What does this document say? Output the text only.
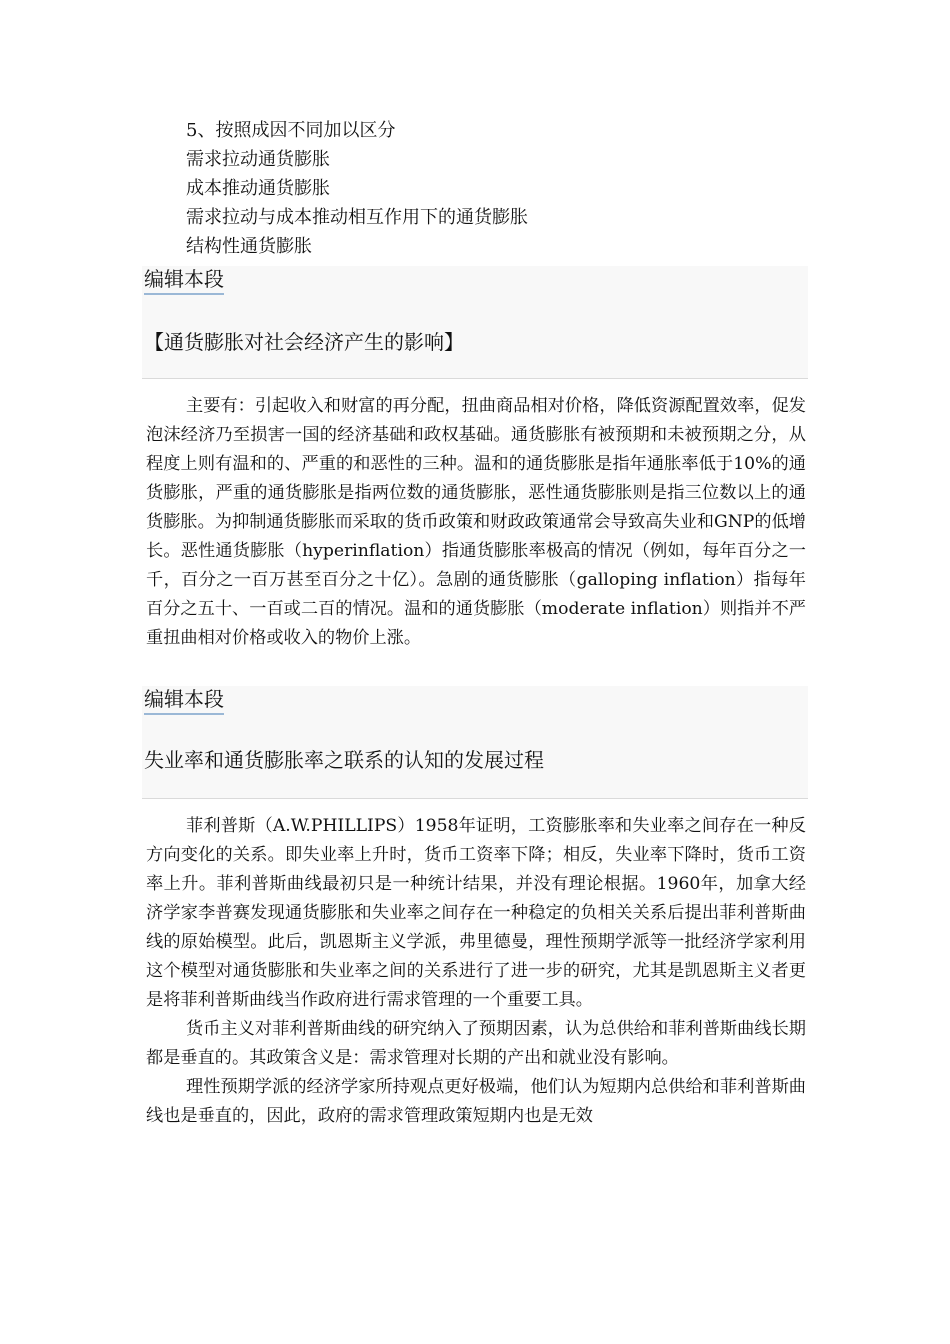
5、按照成因不同加以区分
需求拉动通货膨胀
成本推动通货膨胀
需求拉动与成本推动相互作用下的通货膨胀
结构性通货膨胀
编辑本段
【通货膨胀对社会经济产生的影响】

主要有：引起收入和财富的再分配，扭曲商品相对价格，降低资源配置效率，促发泡沫经济乃至损害一国的经济基础和政权基础。通货膨胀有被预期和未被预期之分，从程度上则有温和的、严重的和恶性的三种。温和的通货膨胀是指年通胀率低于10%的通货膨胀，严重的通货膨胀是指两位数的通货膨胀，恶性通货膨胀则是指三位数以上的通货膨胀。为抑制通货膨胀而采取的货币政策和财政政策通常会导致高失业和GNP的低增长。恶性通货膨胀（hyperinflation）指通货膨胀率极高的情况（例如，每年百分之一千，百分之一百万甚至百分之十亿）。急剧的通货膨胀（galloping inflation）指每年百分之五十、一百或二百的情况。温和的通货膨胀（moderate inflation）则指并不严重扭曲相对价格或收入的物价上涨。

编辑本段
失业率和通货膨胀率之联系的认知的发展过程

菲利普斯（A.W.PHILLIPS）1958年证明，工资膨胀率和失业率之间存在一种反方向变化的关系。即失业率上升时，货币工资率下降；相反，失业率下降时，货币工资率上升。菲利普斯曲线最初只是一种统计结果，并没有理论根据。1960年，加拿大经济学家李普赛发现通货膨胀和失业率之间存在一种稳定的负相关关系后提出菲利普斯曲线的原始模型。此后，凯恩斯主义学派，弗里德曼，理性预期学派等一批经济学家利用这个模型对通货膨胀和失业率之间的关系进行了进一步的研究，尤其是凯恩斯主义者更是将菲利普斯曲线当作政府进行需求管理的一个重要工具。

货币主义对菲利普斯曲线的研究纳入了预期因素，认为总供给和菲利普斯曲线长期都是垂直的。其政策含义是：需求管理对长期的产出和就业没有影响。

理性预期学派的经济学家所持观点更好极端，他们认为短期内总供给和菲利普斯曲线也是垂直的，因此，政府的需求管理政策短期内也是无效
